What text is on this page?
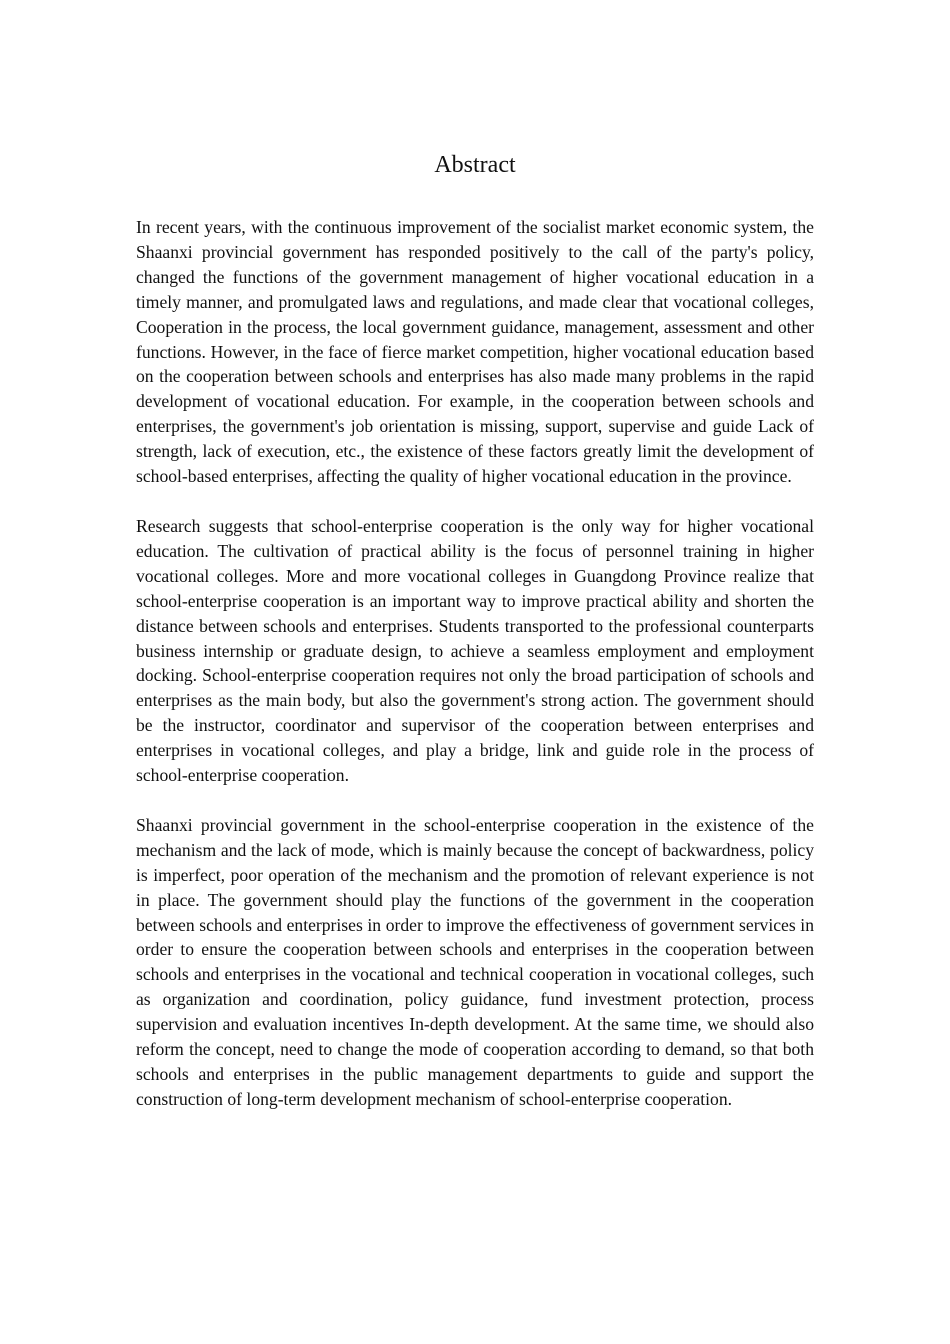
Abstract

In recent years, with the continuous improvement of the socialist market economic system, the Shaanxi provincial government has responded positively to the call of the party's policy, changed the functions of the government management of higher vocational education in a timely manner, and promulgated laws and regulations, and made clear that vocational colleges, Cooperation in the process, the local government guidance, management, assessment and other functions. However, in the face of fierce market competition, higher vocational education based on the cooperation between schools and enterprises has also made many problems in the rapid development of vocational education. For example, in the cooperation between schools and enterprises, the government's job orientation is missing, support, supervise and guide Lack of strength, lack of execution, etc., the existence of these factors greatly limit the development of school-based enterprises, affecting the quality of higher vocational education in the province.

Research suggests that school-enterprise cooperation is the only way for higher vocational education. The cultivation of practical ability is the focus of personnel training in higher vocational colleges. More and more vocational colleges in Guangdong Province realize that school-enterprise cooperation is an important way to improve practical ability and shorten the distance between schools and enterprises. Students transported to the professional counterparts business internship or graduate design, to achieve a seamless employment and employment docking. School-enterprise cooperation requires not only the broad participation of schools and enterprises as the main body, but also the government's strong action. The government should be the instructor, coordinator and supervisor of the cooperation between enterprises and enterprises in vocational colleges, and play a bridge, link and guide role in the process of school-enterprise cooperation.

Shaanxi provincial government in the school-enterprise cooperation in the existence of the mechanism and the lack of mode, which is mainly because the concept of backwardness, policy is imperfect, poor operation of the mechanism and the promotion of relevant experience is not in place. The government should play the functions of the government in the cooperation between schools and enterprises in order to improve the effectiveness of government services in order to ensure the cooperation between schools and enterprises in the cooperation between schools and enterprises in the vocational and technical cooperation in vocational colleges, such as organization and coordination, policy guidance, fund investment protection, process supervision and evaluation incentives In-depth development. At the same time, we should also reform the concept, need to change the mode of cooperation according to demand, so that both schools and enterprises in the public management departments to guide and support the construction of long-term development mechanism of school-enterprise cooperation.
